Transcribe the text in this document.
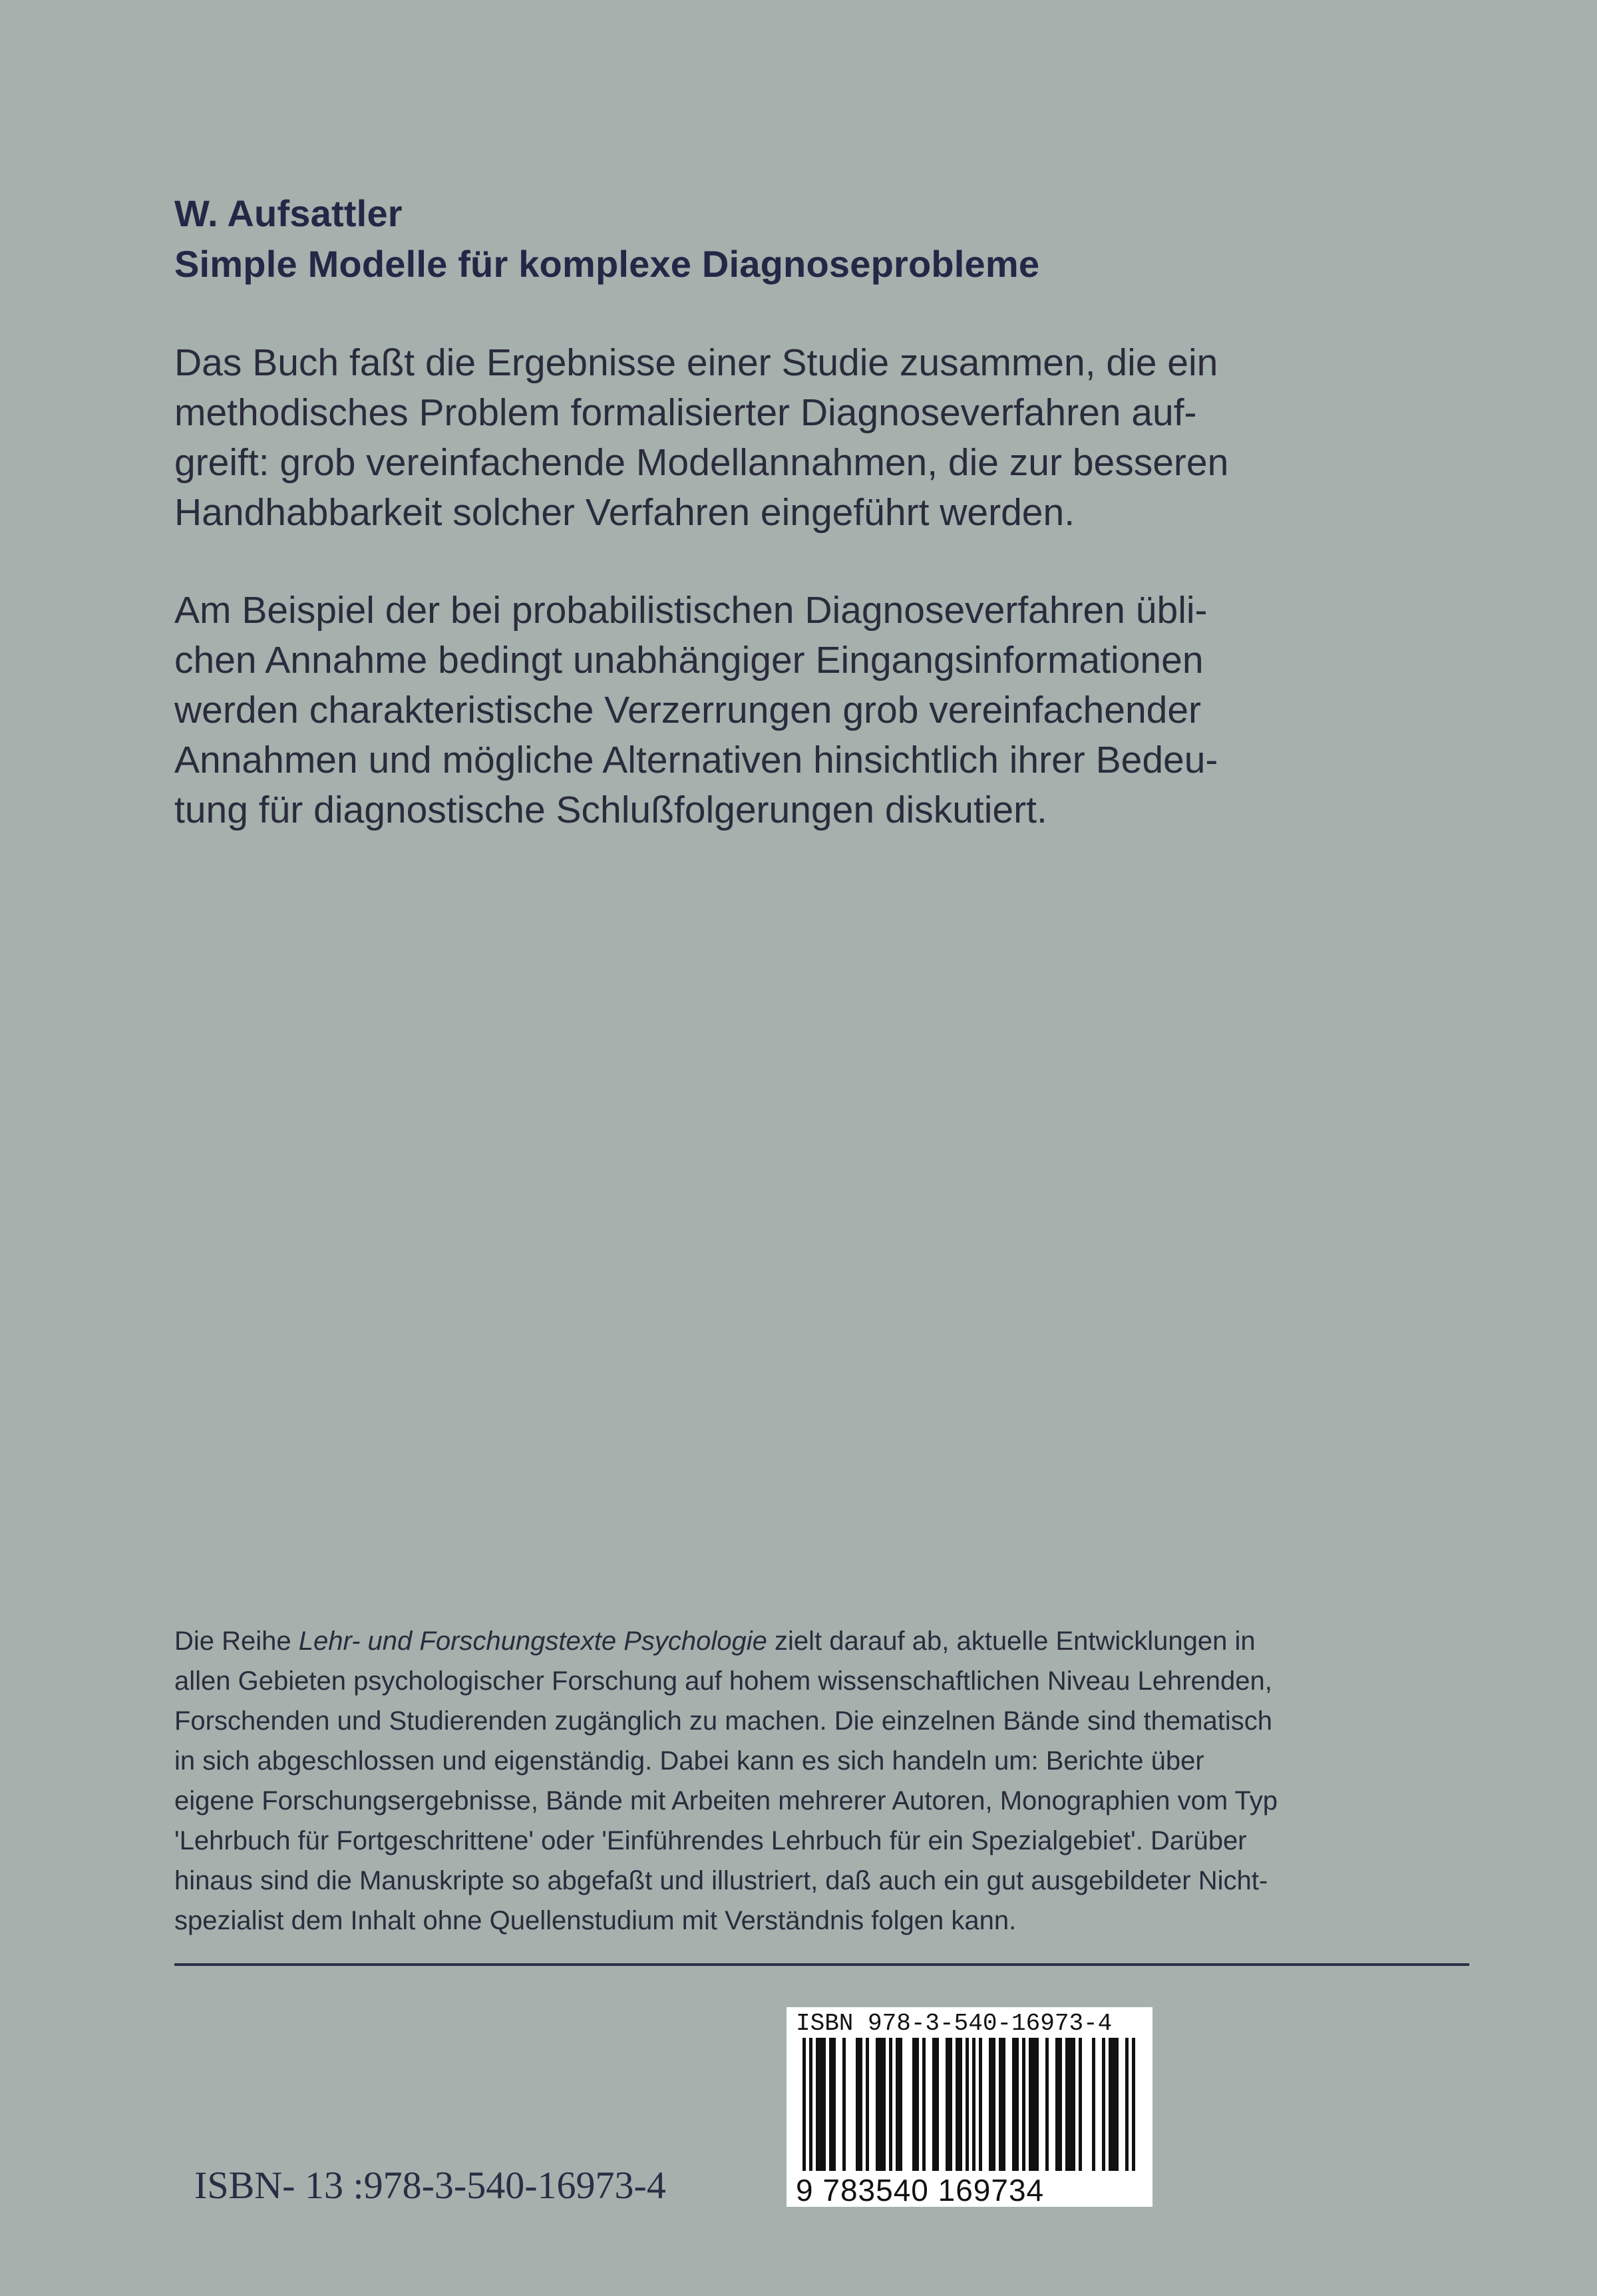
W. Aufsattler
Simple Modelle für komplexe Diagnoseprobleme
Das Buch faßt die Ergebnisse einer Studie zusammen, die ein
methodisches Problem formalisierter Diagnoseverfahren auf-
greift: grob vereinfachende Modellannahmen, die zur besseren
Handhabbarkeit solcher Verfahren eingeführt werden.
Am Beispiel der bei probabilistischen Diagnoseverfahren übli-
chen Annahme bedingt unabhängiger Eingangsinformationen
werden charakteristische Verzerrungen grob vereinfachender
Annahmen und mögliche Alternativen hinsichtlich ihrer Bedeu-
tung für diagnostische Schlußfolgerungen diskutiert.
Die Reihe Lehr- und Forschungstexte Psychologie zielt darauf ab, aktuelle Entwicklungen in
allen Gebieten psychologischer Forschung auf hohem wissenschaftlichen Niveau Lehrenden,
Forschenden und Studierenden zugänglich zu machen. Die einzelnen Bände sind thematisch
in sich abgeschlossen und eigenständig. Dabei kann es sich handeln um: Berichte über
eigene Forschungsergebnisse, Bände mit Arbeiten mehrerer Autoren, Monographien vom Typ
'Lehrbuch für Fortgeschrittene' oder 'Einführendes Lehrbuch für ein Spezialgebiet'. Darüber
hinaus sind die Manuskripte so abgefaßt und illustriert, daß auch ein gut ausgebildeter Nicht-
spezialist dem Inhalt ohne Quellenstudium mit Verständnis folgen kann.
ISBN- 13 :978-3-540-16973-4
ISBN 978-3-540-16973-4
9 783540 169734
